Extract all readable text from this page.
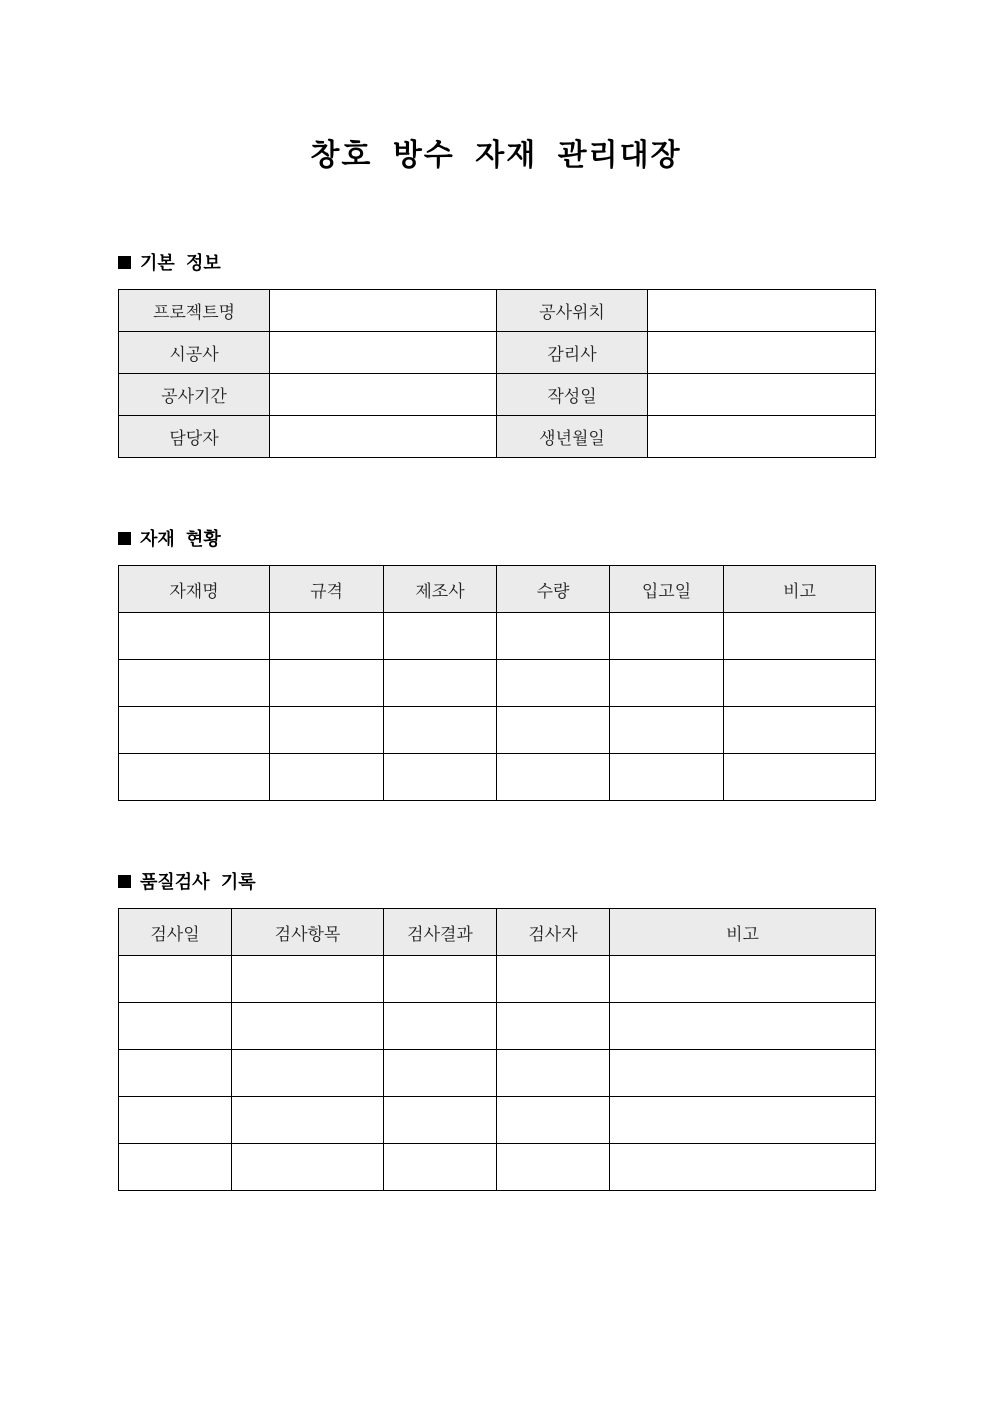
창호 방수 자재 관리대장
기본 정보
프로젝트명		공사위치	
시공사		감리사	
공사기간		작성일	
담당자		생년월일	
자재 현황
자재명	규격	제조사	수량	입고일	비고

품질검사 기록
검사일	검사항목	검사결과	검사자	비고
